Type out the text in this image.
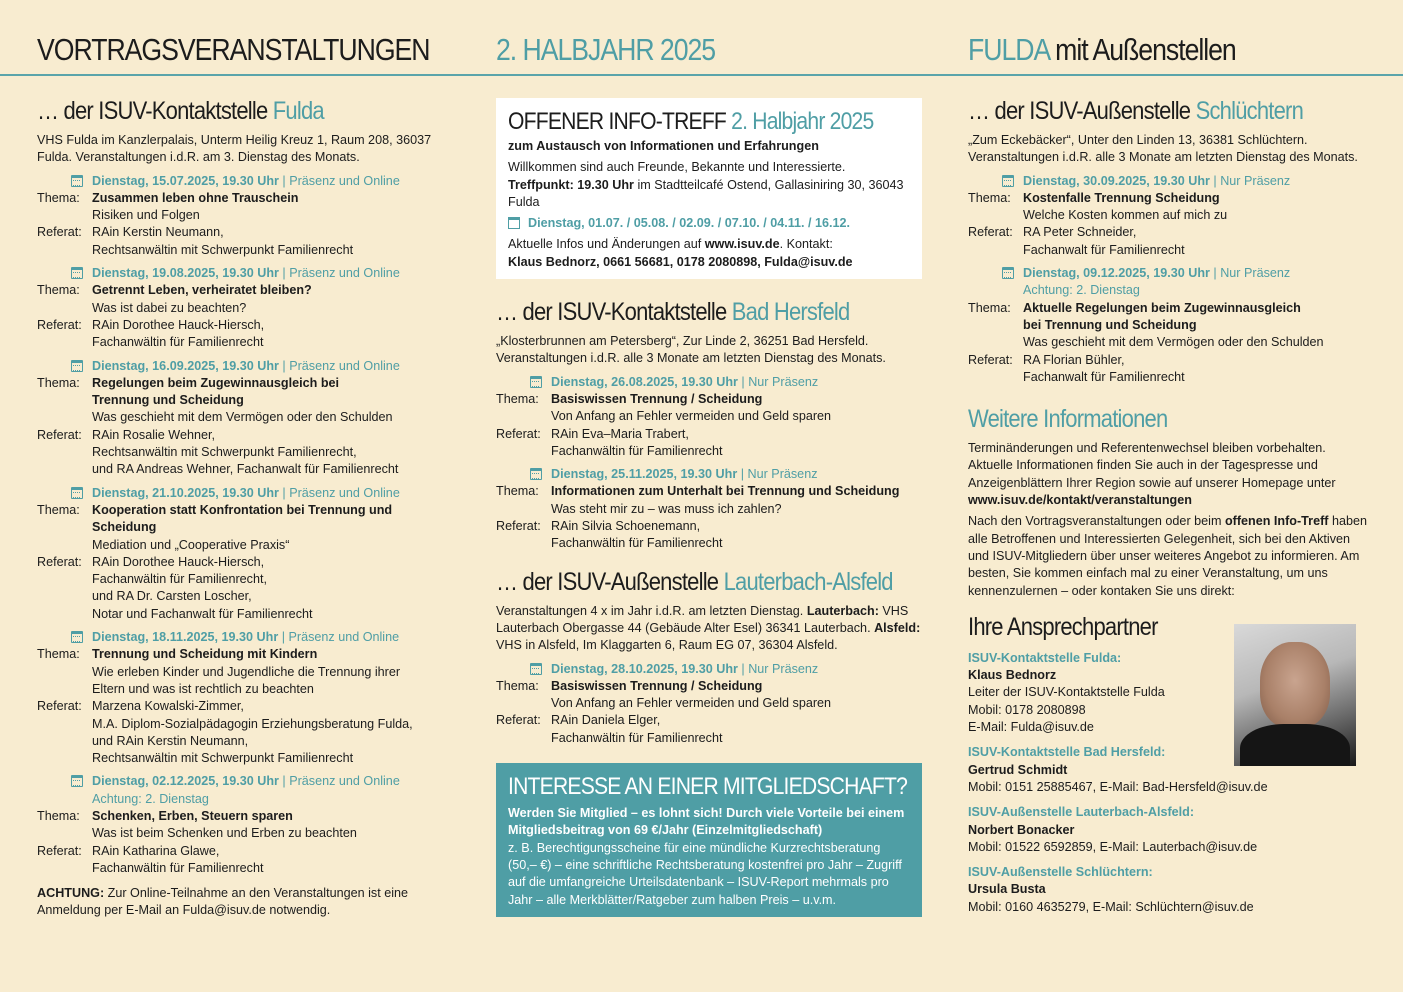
VORTRAGSVERANSTALTUNGEN 2. HALBJAHR 2025	FULDA mit Außenstellen
… der ISUV-Kontaktstelle Fulda
VHS Fulda im Kanzlerpalais, Unterm Heilig Kreuz 1, Raum 208, 36037 Fulda. Veranstaltungen i.d.R. am 3. Dienstag des Monats.
Dienstag, 15.07.2025, 19.30 Uhr | Präsenz und Online
Thema: Zusammen leben ohne Trauschein
Risiken und Folgen
Referat: RAin Kerstin Neumann,
Rechtsanwältin mit Schwerpunkt Familienrecht
Dienstag, 19.08.2025, 19.30 Uhr | Präsenz und Online
Thema: Getrennt Leben, verheiratet bleiben?
Was ist dabei zu beachten?
Referat: RAin Dorothee Hauck-Hiersch,
Fachanwältin für Familienrecht
Dienstag, 16.09.2025, 19.30 Uhr | Präsenz und Online
Thema: Regelungen beim Zugewinnausgleich bei
Trennung und Scheidung
Was geschieht mit dem Vermögen oder den Schulden
Referat: RAin Rosalie Wehner,
Rechtsanwältin mit Schwerpunkt Familienrecht,
und RA Andreas Wehner, Fachanwalt für Familienrecht
Dienstag, 21.10.2025, 19.30 Uhr | Präsenz und Online
Thema: Kooperation statt Konfrontation bei Trennung und
Scheidung
Mediation und „Cooperative Praxis“
Referat: RAin Dorothee Hauck-Hiersch,
Fachanwältin für Familienrecht,
und RA Dr. Carsten Loscher,
Notar und Fachanwalt für Familienrecht
Dienstag, 18.11.2025, 19.30 Uhr | Präsenz und Online
Thema: Trennung und Scheidung mit Kindern
Wie erleben Kinder und Jugendliche die Trennung ihrer
Eltern und was ist rechtlich zu beachten
Referat: Marzena Kowalski-Zimmer,
M.A. Diplom-Sozialpädagogin Erziehungsberatung Fulda,
und RAin Kerstin Neumann,
Rechtsanwältin mit Schwerpunkt Familienrecht
Dienstag, 02.12.2025, 19.30 Uhr | Präsenz und Online
Achtung: 2. Dienstag
Thema: Schenken, Erben, Steuern sparen
Was ist beim Schenken und Erben zu beachten
Referat: RAin Katharina Glawe,
Fachanwältin für Familienrecht
ACHTUNG: Zur Online-Teilnahme an den Veranstaltungen ist eine Anmeldung per E-Mail an Fulda@isuv.de notwendig.
OFFENER INFO-TREFF 2. Halbjahr 2025
zum Austausch von Informationen und Erfahrungen
Willkommen sind auch Freunde, Bekannte und Interessierte.
Treffpunkt: 19.30 Uhr im Stadtteilcafé Ostend, Gallasiniring 30, 36043 Fulda
Dienstag, 01.07. / 05.08. / 02.09. / 07.10. / 04.11. / 16.12.
Aktuelle Infos und Änderungen auf www.isuv.de. Kontakt:
Klaus Bednorz, 0661 56681, 0178 2080898, Fulda@isuv.de
… der ISUV-Kontaktstelle Bad Hersfeld
„Klosterbrunnen am Petersberg“, Zur Linde 2, 36251 Bad Hersfeld. Veranstaltungen i.d.R. alle 3 Monate am letzten Dienstag des Monats.
Dienstag, 26.08.2025, 19.30 Uhr | Nur Präsenz
Thema: Basiswissen Trennung / Scheidung
Von Anfang an Fehler vermeiden und Geld sparen
Referat: RAin Eva–Maria Trabert,
Fachanwältin für Familienrecht
Dienstag, 25.11.2025, 19.30 Uhr | Nur Präsenz
Thema: Informationen zum Unterhalt bei Trennung und Scheidung
Was steht mir zu – was muss ich zahlen?
Referat: RAin Silvia Schoenemann,
Fachanwältin für Familienrecht
… der ISUV-Außenstelle Lauterbach-Alsfeld
Veranstaltungen 4 x im Jahr i.d.R. am letzten Dienstag. Lauterbach: VHS Lauterbach Obergasse 44 (Gebäude Alter Esel) 36341 Lauterbach. Alsfeld: VHS in Alsfeld, Im Klaggarten 6, Raum EG 07, 36304 Alsfeld.
Dienstag, 28.10.2025, 19.30 Uhr | Nur Präsenz
Thema: Basiswissen Trennung / Scheidung
Von Anfang an Fehler vermeiden und Geld sparen
Referat: RAin Daniela Elger,
Fachanwältin für Familienrecht
INTERESSE AN EINER MITGLIEDSCHAFT?
Werden Sie Mitglied – es lohnt sich! Durch viele Vorteile bei einem Mitgliedsbeitrag von 69 €/Jahr (Einzelmitgliedschaft)
z. B. Berechtigungsscheine für eine mündliche Kurzrechtsberatung (50,– €) – eine schriftliche Rechtsberatung kostenfrei pro Jahr – Zugriff auf die umfangreiche Urteilsdatenbank – ISUV-Report mehrmals pro Jahr – alle Merkblätter/Ratgeber zum halben Preis – u.v.m.
… der ISUV-Außenstelle Schlüchtern
„Zum Eckebäcker“, Unter den Linden 13, 36381 Schlüchtern. Veranstaltungen i.d.R. alle 3 Monate am letzten Dienstag des Monats.
Dienstag, 30.09.2025, 19.30 Uhr | Nur Präsenz
Thema: Kostenfalle Trennung Scheidung
Welche Kosten kommen auf mich zu
Referat: RA Peter Schneider,
Fachanwalt für Familienrecht
Dienstag, 09.12.2025, 19.30 Uhr | Nur Präsenz
Achtung: 2. Dienstag
Thema: Aktuelle Regelungen beim Zugewinnausgleich
bei Trennung und Scheidung
Was geschieht mit dem Vermögen oder den Schulden
Referat: RA Florian Bühler,
Fachanwalt für Familienrecht
Weitere Informationen
Terminänderungen und Referentenwechsel bleiben vorbehalten. Aktuelle Informationen finden Sie auch in der Tagespresse und Anzeigenblättern Ihrer Region sowie auf unserer Homepage unter www.isuv.de/kontakt/veranstaltungen
Nach den Vortragsveranstaltungen oder beim offenen Info-Treff haben alle Betroffenen und Interessierten Gelegenheit, sich bei den Aktiven und ISUV-Mitgliedern über unser weiteres Angebot zu informieren. Am besten, Sie kommen einfach mal zu einer Veranstaltung, um uns kennenzulernen – oder kontaken Sie uns direkt:
Ihre Ansprechpartner
ISUV-Kontaktstelle Fulda:
Klaus Bednorz
Leiter der ISUV-Kontaktstelle Fulda
Mobil: 0178 2080898
E-Mail: Fulda@isuv.de
ISUV-Kontaktstelle Bad Hersfeld:
Gertrud Schmidt
Mobil: 0151 25885467, E-Mail: Bad-Hersfeld@isuv.de
ISUV-Außenstelle Lauterbach-Alsfeld:
Norbert Bonacker
Mobil: 01522 6592859, E-Mail: Lauterbach@isuv.de
ISUV-Außenstelle Schlüchtern:
Ursula Busta
Mobil: 0160 4635279, E-Mail: Schlüchtern@isuv.de
